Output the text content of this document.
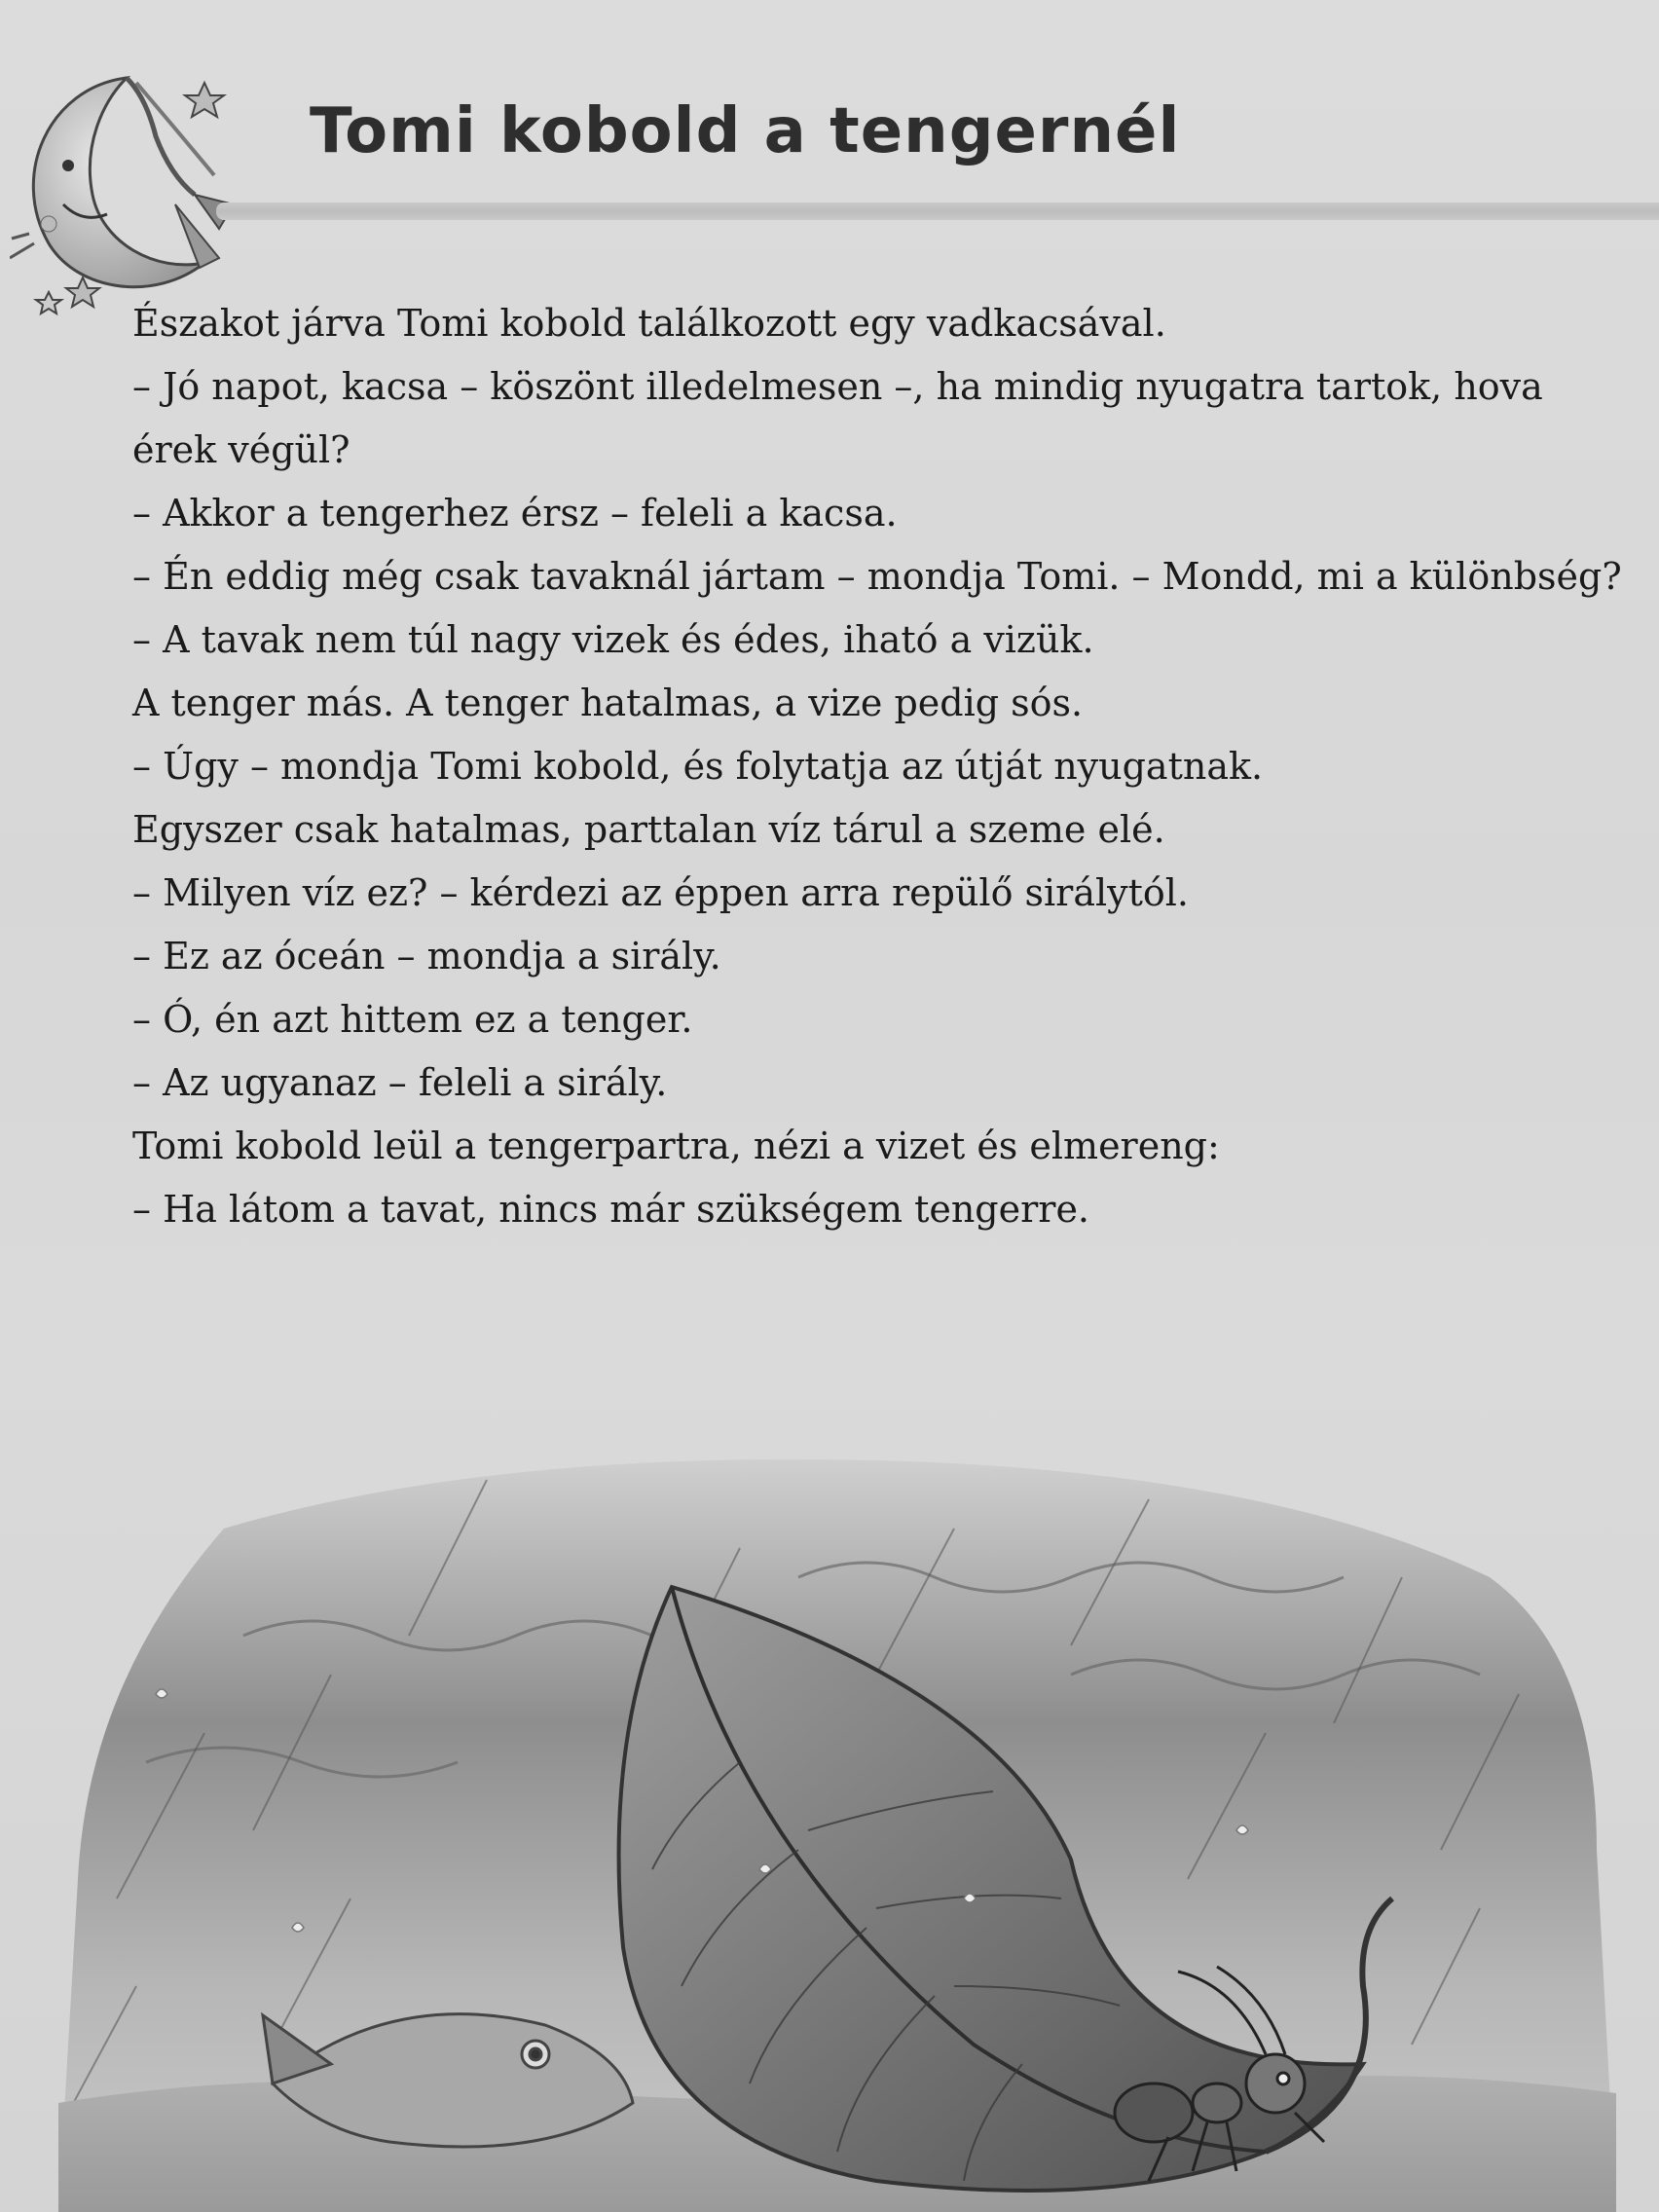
Tomi kobold a tengernél
Északot járva Tomi kobold találkozott egy vadkacsával.
– Jó napot, kacsa – köszönt illedelmesen –, ha mindig nyugatra tartok, hova
érek végül?
– Akkor a tengerhez érsz – feleli a kacsa.
– Én eddig még csak tavaknál jártam – mondja Tomi. – Mondd, mi a különbség?
– A tavak nem túl nagy vizek és édes, iható a vizük.
A tenger más. A tenger hatalmas, a vize pedig sós.
– Úgy – mondja Tomi kobold, és folytatja az útját nyugatnak.
Egyszer csak hatalmas, parttalan víz tárul a szeme elé.
– Milyen víz ez? – kérdezi az éppen arra repülő sirálytól.
– Ez az óceán – mondja a sirály.
– Ó, én azt hittem ez a tenger.
– Az ugyanaz – feleli a sirály.
Tomi kobold leül a tengerpartra, nézi a vizet és elmereng:
– Ha látom a tavat, nincs már szükségem tengerre.
